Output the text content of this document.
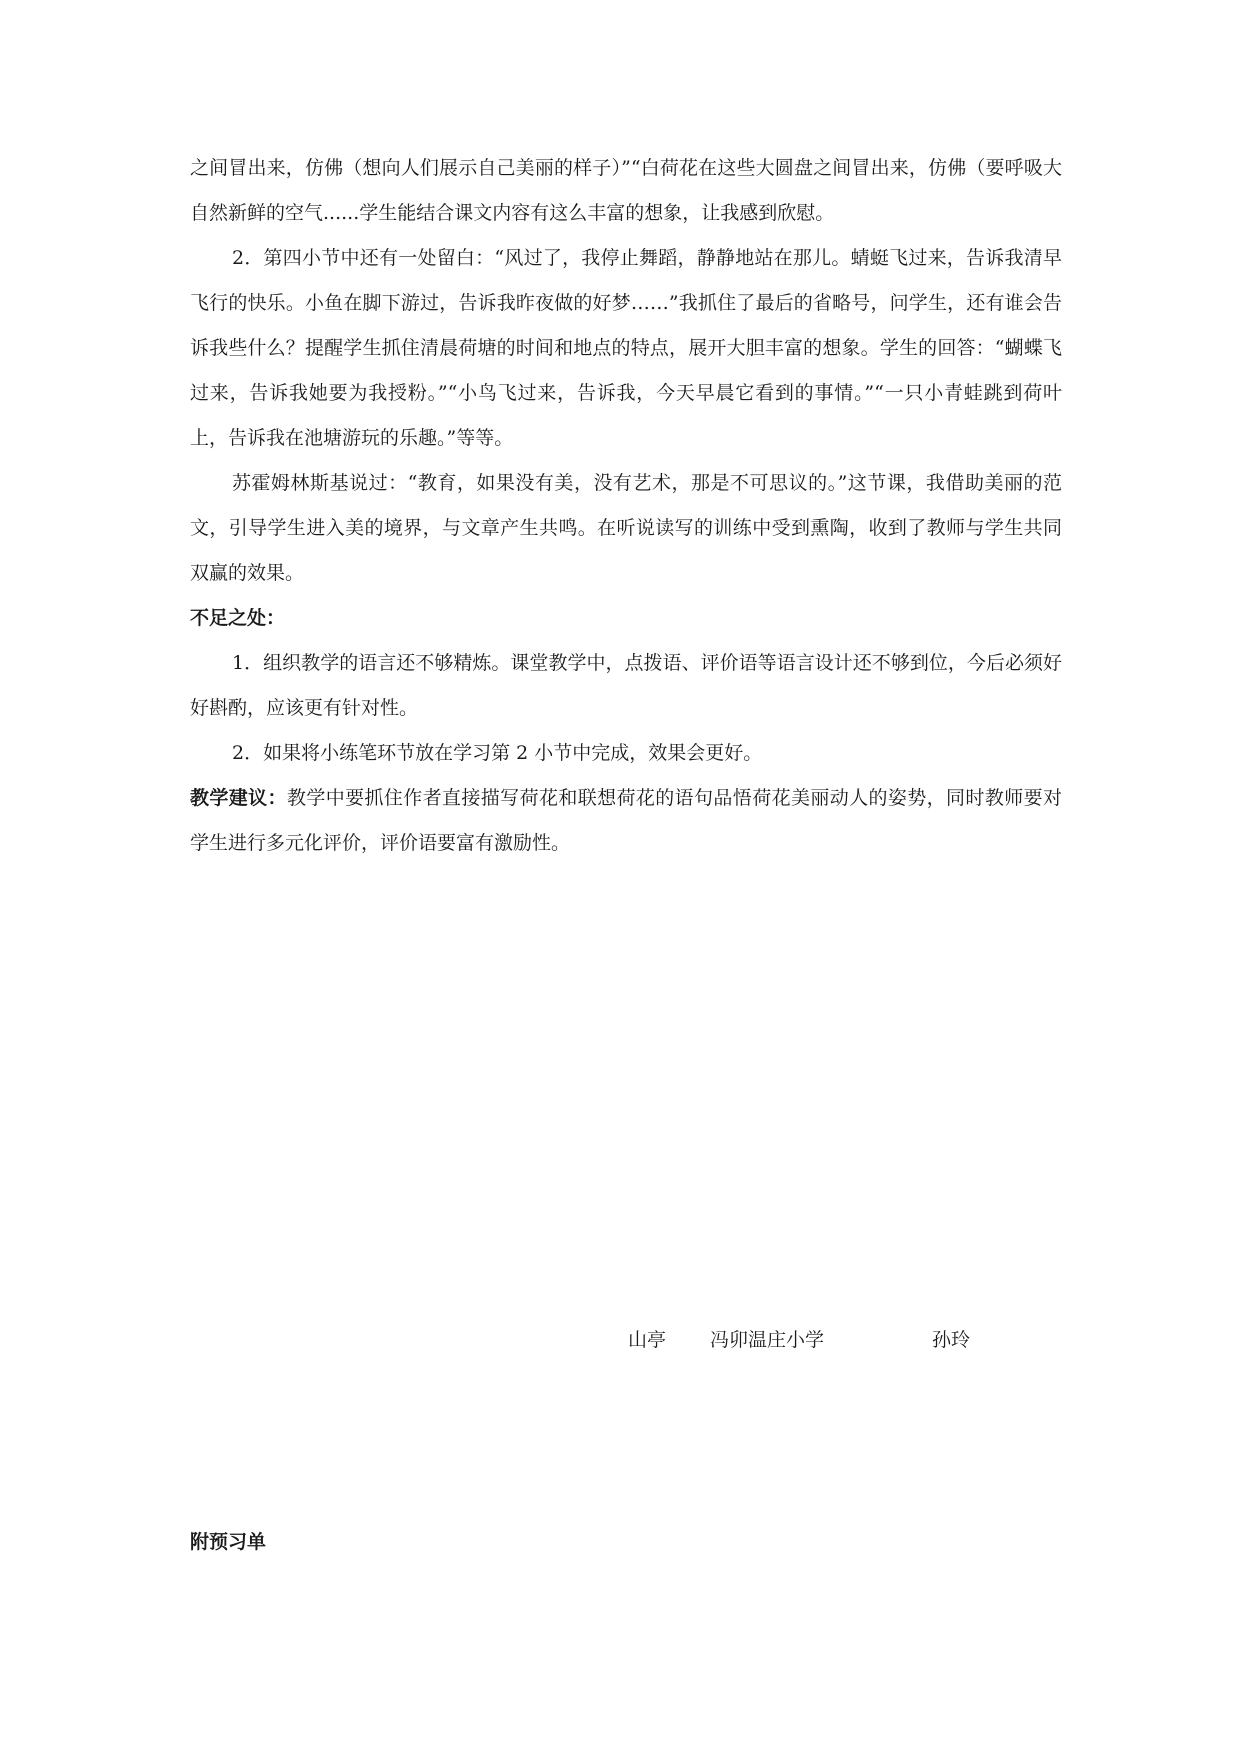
之间冒出来，仿佛（想向人们展示自己美丽的样子）”“白荷花在这些大圆盘之间冒出来，仿佛（要呼吸大自然新鲜的空气......学生能结合课文内容有这么丰富的想象，让我感到欣慰。

2．第四小节中还有一处留白：“风过了，我停止舞蹈，静静地站在那儿。蜻蜓飞过来，告诉我清早飞行的快乐。小鱼在脚下游过，告诉我昨夜做的好梦……”我抓住了最后的省略号，问学生，还有谁会告诉我些什么？提醒学生抓住清晨荷塘的时间和地点的特点，展开大胆丰富的想象。学生的回答：“蝴蝶飞过来，告诉我她要为我授粉。”“小鸟飞过来，告诉我，今天早晨它看到的事情。”“一只小青蛙跳到荷叶上，告诉我在池塘游玩的乐趣。”等等。

苏霍姆林斯基说过：“教育，如果没有美，没有艺术，那是不可思议的。”这节课，我借助美丽的范文，引导学生进入美的境界，与文章产生共鸣。在听说读写的训练中受到熏陶，收到了教师与学生共同双赢的效果。

不足之处：

1．组织教学的语言还不够精炼。课堂教学中，点拨语、评价语等语言设计还不够到位，今后必须好好斟酌，应该更有针对性。

2．如果将小练笔环节放在学习第 2 小节中完成，效果会更好。

教学建议：教学中要抓住作者直接描写荷花和联想荷花的语句品悟荷花美丽动人的姿势，同时教师要对学生进行多元化评价，评价语要富有激励性。

山亭 冯卯温庄小学	孙玲
附预习单
